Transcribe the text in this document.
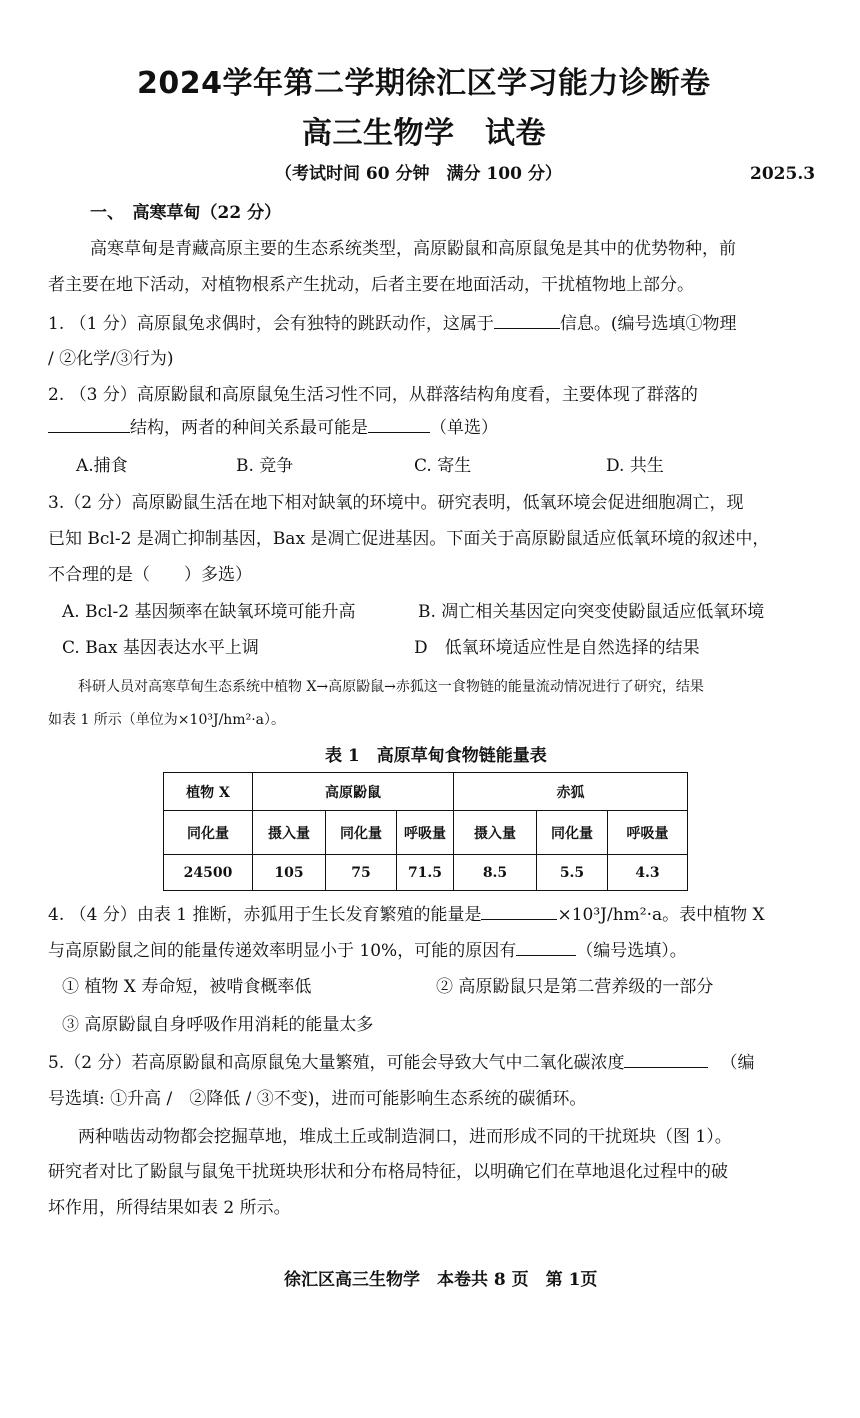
2024学年第二学期徐汇区学习能力诊断卷
高三生物学　试卷
（考试时间 60 分钟　满分 100 分）	2025.3
一、　高寒草甸（22 分）
高寒草甸是青藏高原主要的生态系统类型，高原鼢鼠和高原鼠兔是其中的优势物种，前
者主要在地下活动，对植物根系产生扰动，后者主要在地面活动，干扰植物地上部分。
1. （1 分）高原鼠兔求偶时，会有独特的跳跃动作，这属于	信息。(编号选填①物理
/ ②化学/③行为)
2. （3 分）高原鼢鼠和高原鼠兔生活习性不同，从群落结构角度看，主要体现了群落的
结构，两者的种间关系最可能是	（单选）
A.捕食	B. 竞争	C. 寄生	D. 共生
3.（2 分）高原鼢鼠生活在地下相对缺氧的环境中。研究表明，低氧环境会促进细胞凋亡，现
已知 Bcl-2 是凋亡抑制基因，Bax 是凋亡促进基因。下面关于高原鼢鼠适应低氧环境的叙述中，
不合理的是（　　）多选）
A. Bcl-2 基因频率在缺氧环境可能升高	B. 凋亡相关基因定向突变使鼢鼠适应低氧环境
C. Bax 基因表达水平上调	D　低氧环境适应性是自然选择的结果
科研人员对高寒草甸生态系统中植物 X→高原鼢鼠→赤狐这一食物链的能量流动情况进行了研究，结果
如表 1 所示（单位为×10³J/hm²·a）。
表 1　高原草甸食物链能量表
植物 X	高原鼢鼠			赤狐		
同化量	摄入量	同化量	呼吸量	摄入量	同化量	呼吸量
24500	105	75	71.5	8.5	5.5	4.3
4. （4 分）由表 1 推断，赤狐用于生长发育繁殖的能量是	×10³J/hm²·a。表中植物 X
与高原鼢鼠之间的能量传递效率明显小于 10%，可能的原因有	（编号选填）。
① 植物 X 寿命短，被啃食概率低	② 高原鼢鼠只是第二营养级的一部分
③ 高原鼢鼠自身呼吸作用消耗的能量太多
5.（2 分）若高原鼢鼠和高原鼠兔大量繁殖，可能会导致大气中二氧化碳浓度	（编
号选填: ①升高 /　②降低 / ③不变)，进而可能影响生态系统的碳循环。
两种啮齿动物都会挖掘草地，堆成土丘或制造洞口，进而形成不同的干扰斑块（图 1）。
研究者对比了鼢鼠与鼠兔干扰斑块形状和分布格局特征，以明确它们在草地退化过程中的破
坏作用，所得结果如表 2 所示。
徐汇区高三生物学　本卷共 8 页　第 1页
